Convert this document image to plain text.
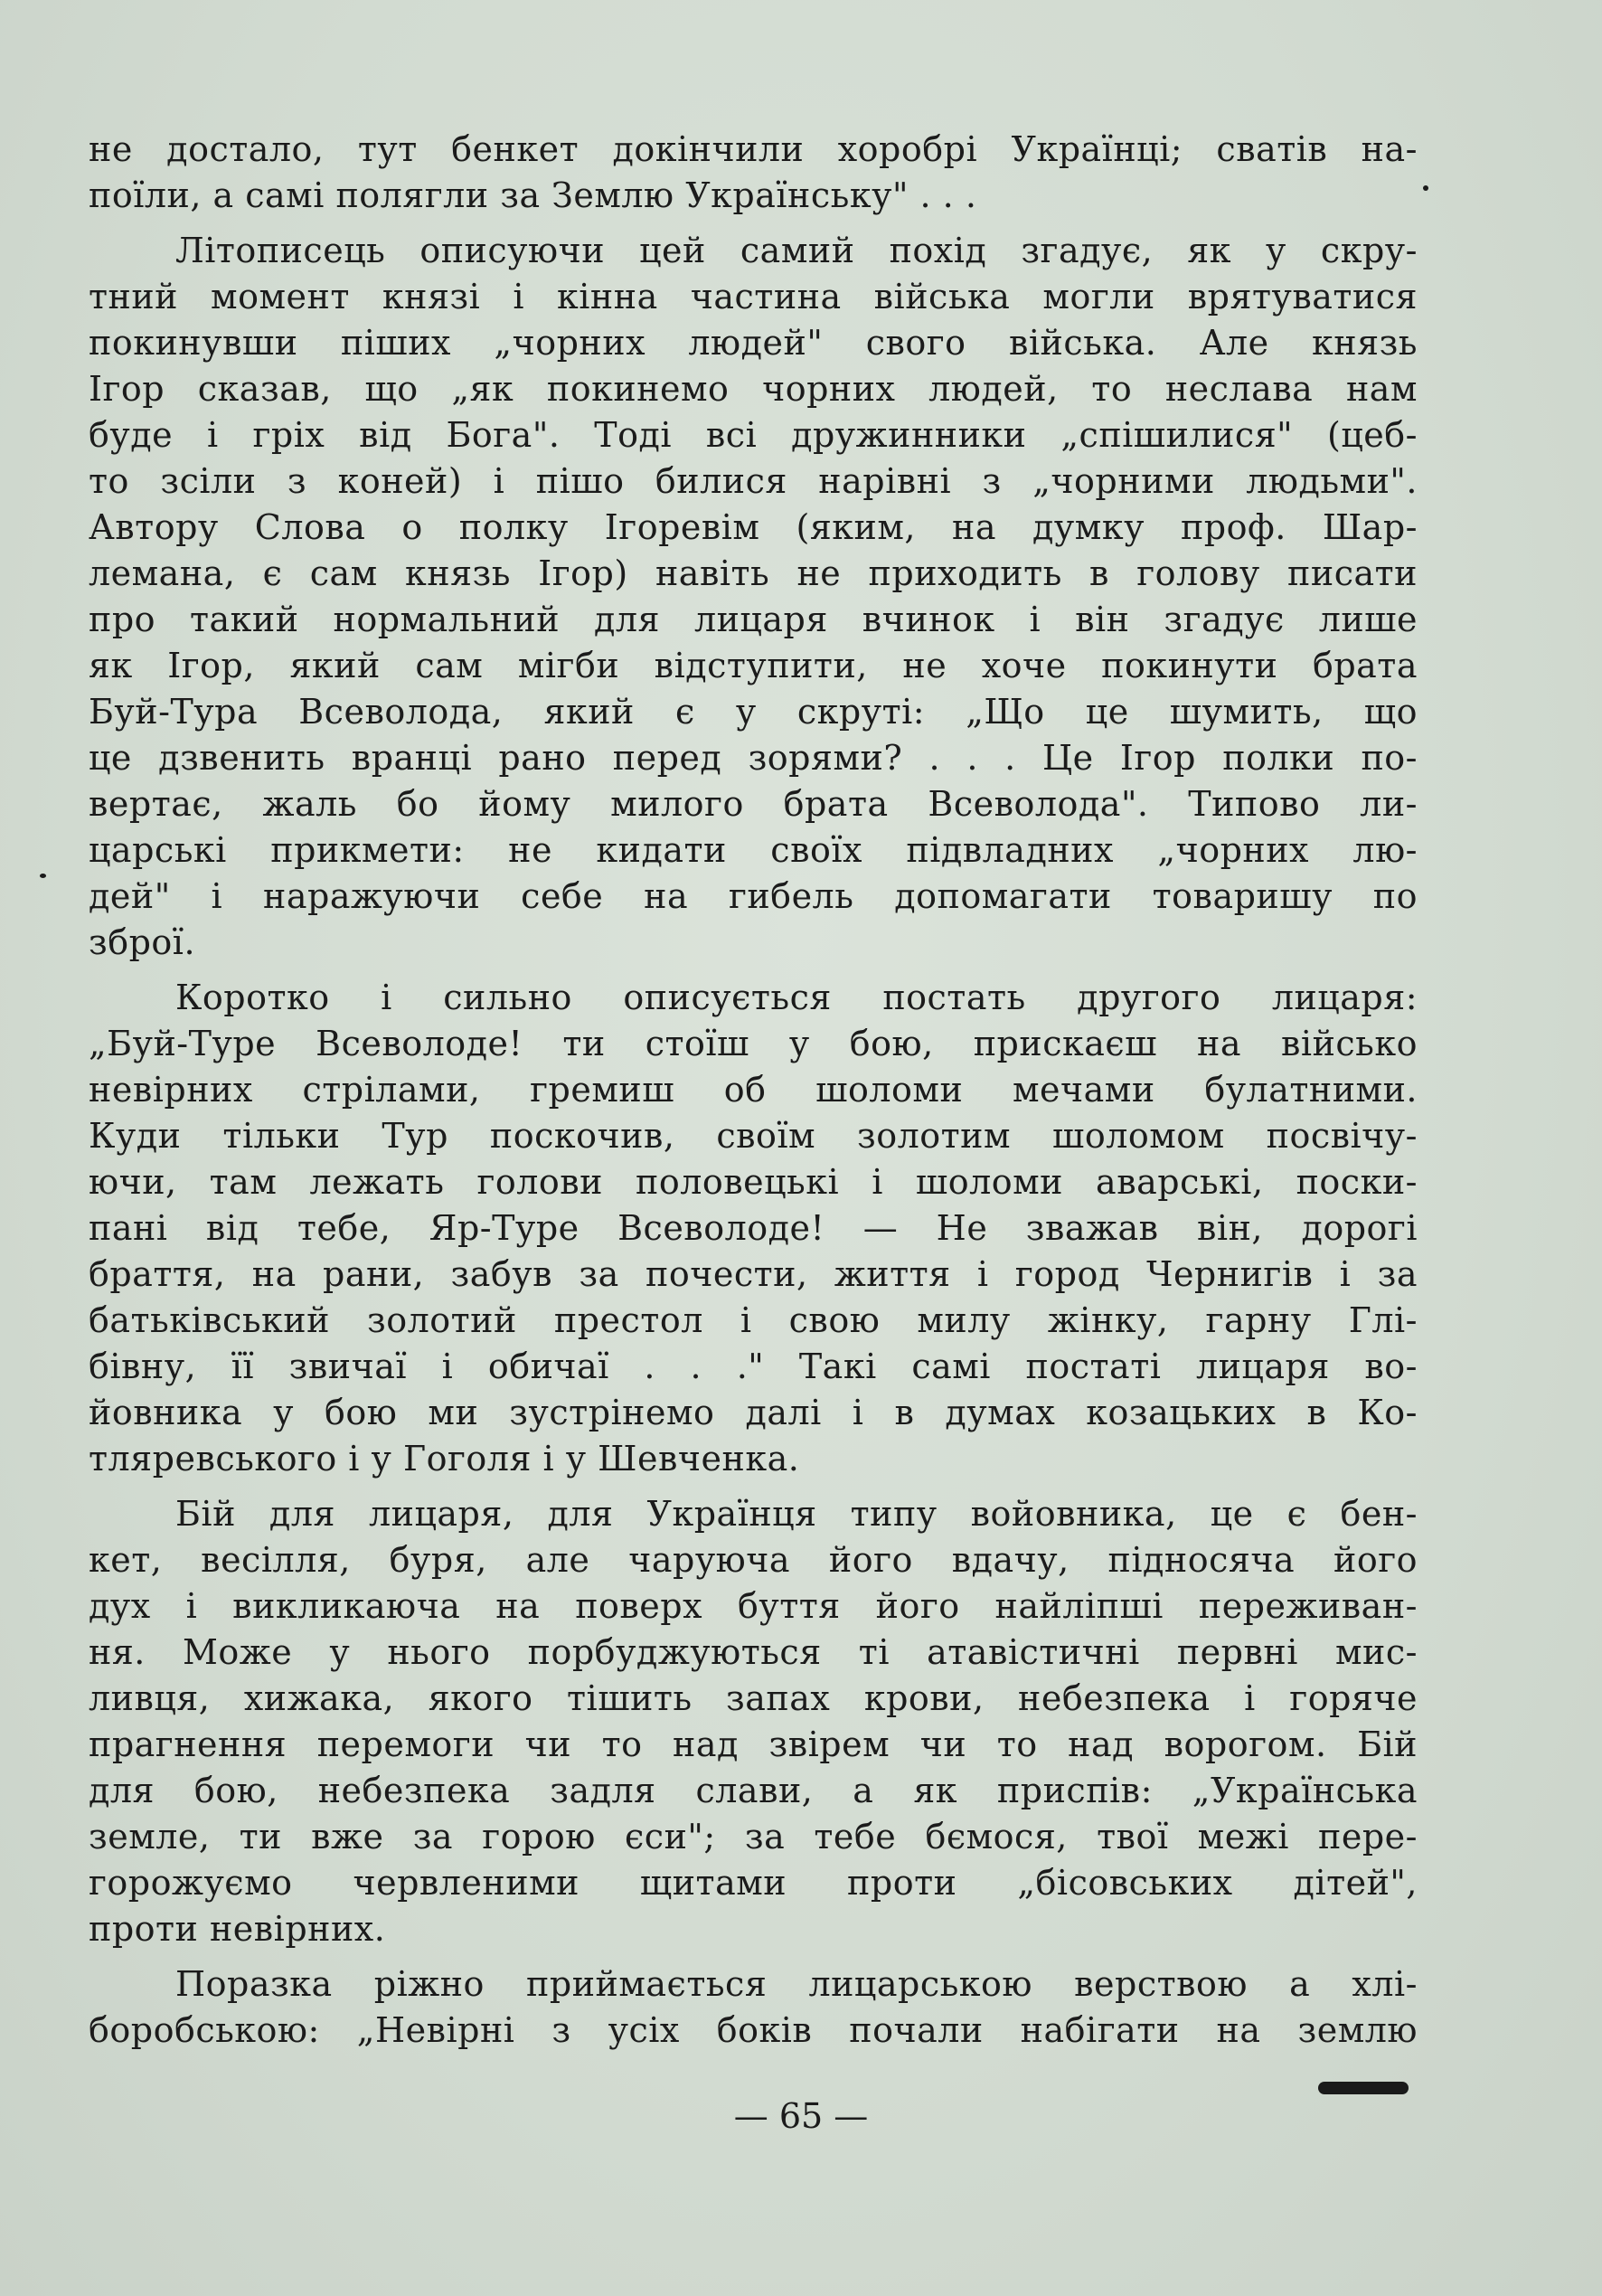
не достало, тут бенкет докінчили хоробрі Українці; сватів на-
поїли, а самі полягли за Землю Українську" . . .
Літописець описуючи цей самий похід згадує, як у скру-
тний момент князі і кінна частина війська могли врятуватися
покинувши піших „чорних людей" свого війська. Але князь
Ігор сказав, що „як покинемо чорних людей, то неслава нам
буде і гріх від Бога". Тоді всі дружинники „спішилися" (цеб-
то зсіли з коней) і пішо билися нарівні з „чорними людьми".
Автору Слова о полку Ігоревім (яким, на думку проф. Шар-
лемана, є сам князь Ігор) навіть не приходить в голову писати
про такий нормальний для лицаря вчинок і він згадує лише
як Ігор, який сам мігби відступити, не хоче покинути брата
Буй-Тура Всеволода, який є у скруті: „Що це шумить, що
це дзвенить вранці рано перед зорями? . . . Це Ігор полки по-
вертає, жаль бо йому милого брата Всеволода". Типово ли-
царські прикмети: не кидати своїх підвладних „чорних лю-
дей" і наражуючи себе на гибель допомагати товаришу по
зброї.
Коротко і сильно описується постать другого лицаря:
„Буй-Туре Всеволоде! ти стоїш у бою, прискаєш на військо
невірних стрілами, гремиш об шоломи мечами булатними.
Куди тільки Тур поскочив, своїм золотим шоломом посвічу-
ючи, там лежать голови половецькі і шоломи аварські, поски-
пані від тебе, Яр-Туре Всеволоде! — Не зважав він, дорогі
браття, на рани, забув за почести, життя і город Чернигів і за
батьківський золотий престол і свою милу жінку, гарну Глі-
бівну, її звичаї і обичаї . . ." Такі самі постаті лицаря во-
йовника у бою ми зустрінемо далі і в думах козацьких в Ко-
тляревського і у Гоголя і у Шевченка.
Бій для лицаря, для Українця типу войовника, це є бен-
кет, весілля, буря, але чаруюча його вдачу, підносяча його
дух і викликаюча на поверх буття його найліпші переживан-
ня. Може у нього порбуджуються ті атавістичні первні мис-
ливця, хижака, якого тішить запах крови, небезпека і горяче
прагнення перемоги чи то над звірем чи то над ворогом. Бій
для бою, небезпека задля слави, а як приспів: „Українська
земле, ти вже за горою єси"; за тебе бємося, твої межі пере-
горожуємо червленими щитами проти „бісовських дітей",
проти невірних.
Поразка ріжно приймається лицарською верствою а хлі-
боробською: „Невірні з усіх боків почали набігати на землю
— 65 —
